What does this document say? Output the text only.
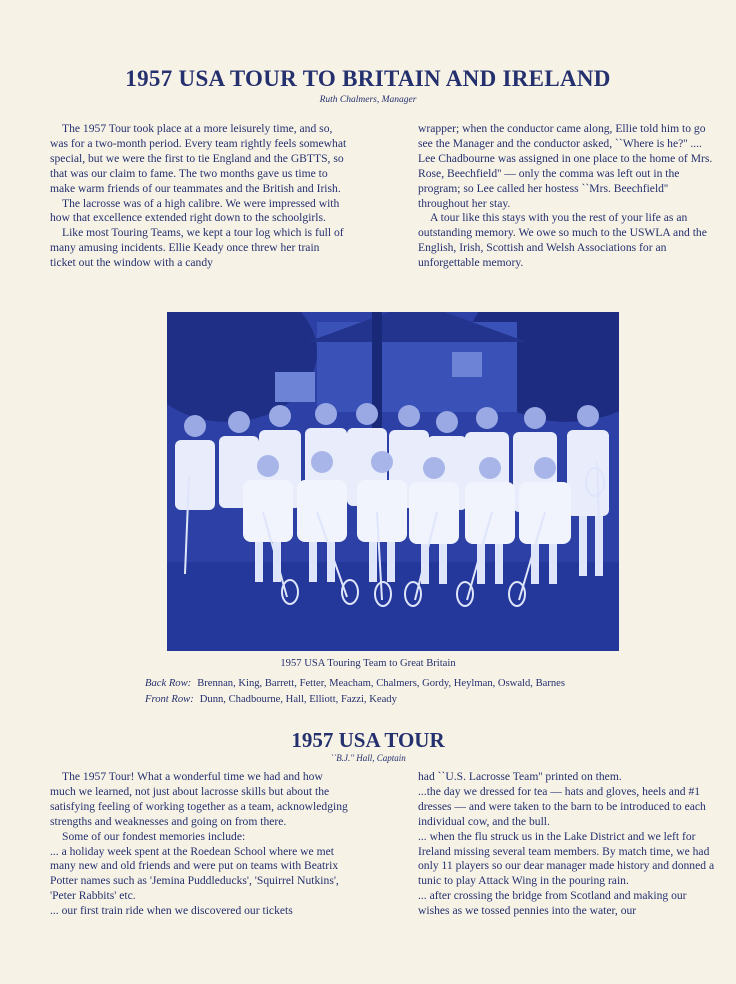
1957 USA TOUR TO BRITAIN AND IRELAND
Ruth Chalmers, Manager

The 1957 Tour took place at a more leisurely time, and so, was for a two-month period. Every team rightly feels somewhat special, but we were the first to tie England and the GBTTS, so that was our claim to fame. The two months gave us time to make warm friends of our teammates and the British and Irish.

The lacrosse was of a high calibre. We were impressed with how that excellence extended right down to the schoolgirls.

Like most Touring Teams, we kept a tour log which is full of many amusing incidents. Ellie Keady once threw her train ticket out the window with a candy

wrapper; when the conductor came along, Ellie told him to go see the Manager and the conductor asked, ``Where is he?'' .... Lee Chadbourne was assigned in one place to the home of Mrs. Rose, Beechfield'' — only the comma was left out in the program; so Lee called her hostess ``Mrs. Beechfield'' throughout her stay.

A tour like this stays with you the rest of your life as an outstanding memory. We owe so much to the USWLA and the English, Irish, Scottish and Welsh Associations for an unforgettable memory.

1957 USA Touring Team to Great Britain
Back Row: Brennan, King, Barrett, Fetter, Meacham, Chalmers, Gordy, Heylman, Oswald, Barnes
Front Row: Dunn, Chadbourne, Hall, Elliott, Fazzi, Keady
1957 USA TOUR
``B.J.'' Hall, Captain

The 1957 Tour! What a wonderful time we had and how much we learned, not just about lacrosse skills but about the satisfying feeling of working together as a team, acknowledging strengths and weaknesses and going on from there.

Some of our fondest memories include:

... a holiday week spent at the Roedean School where we met many new and old friends and were put on teams with Beatrix Potter names such as 'Jemina Puddleducks', 'Squirrel Nutkins', 'Peter Rabbits' etc.

... our first train ride when we discovered our tickets

had ``U.S. Lacrosse Team'' printed on them.

...the day we dressed for tea — hats and gloves, heels and #1 dresses — and were taken to the barn to be introduced to each individual cow, and the bull.

... when the flu struck us in the Lake District and we left for Ireland missing several team members. By match time, we had only 11 players so our dear manager made history and donned a tunic to play Attack Wing in the pouring rain.

... after crossing the bridge from Scotland and making our wishes as we tossed pennies into the water, our
